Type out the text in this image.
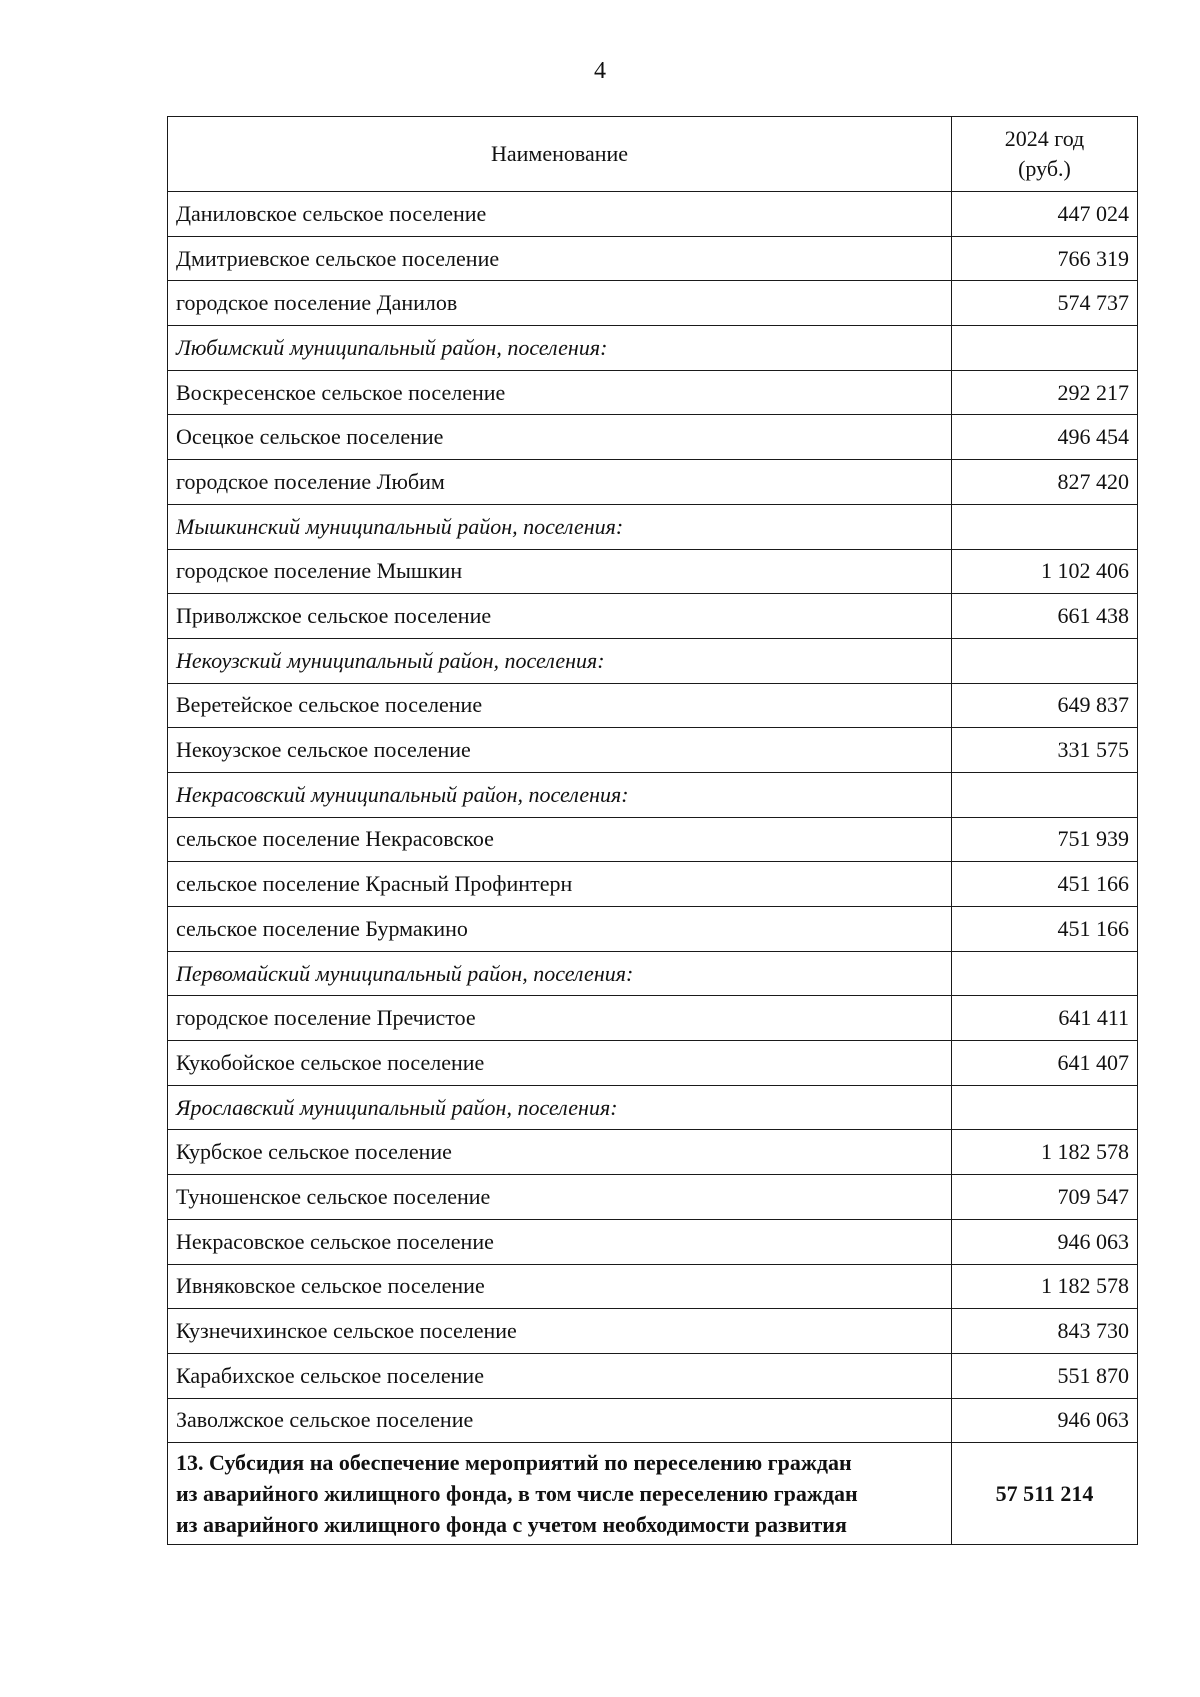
4
Наименование	2024 год
(руб.)

Даниловское сельское поселение	447 024
Дмитриевское сельское поселение	766 319
городское поселение Данилов	574 737
Любимский муниципальный район, поселения:	
Воскресенское сельское поселение	292 217
Осецкое сельское поселение	496 454
городское поселение Любим	827 420
Мышкинский муниципальный район, поселения:	
городское поселение Мышкин	1 102 406
Приволжское сельское поселение	661 438
Некоузский муниципальный район, поселения:	
Веретейское сельское поселение	649 837
Некоузское сельское поселение	331 575
Некрасовский муниципальный район, поселения:	
сельское поселение Некрасовское	751 939
сельское поселение Красный Профинтерн	451 166
сельское поселение Бурмакино	451 166
Первомайский муниципальный район, поселения:	
городское поселение Пречистое	641 411
Кукобойское сельское поселение	641 407
Ярославский муниципальный район, поселения:	
Курбское сельское поселение	1 182 578
Туношенское сельское поселение	709 547
Некрасовское сельское поселение	946 063
Ивняковское сельское поселение	1 182 578
Кузнечихинское сельское поселение	843 730
Карабихское сельское поселение	551 870
Заволжское сельское поселение	946 063

13. Субсидия на обеспечение мероприятий по переселению граждан
из аварийного жилищного фонда, в том числе переселению граждан
из аварийного жилищного фонда с учетом необходимости развития	57 511 214
